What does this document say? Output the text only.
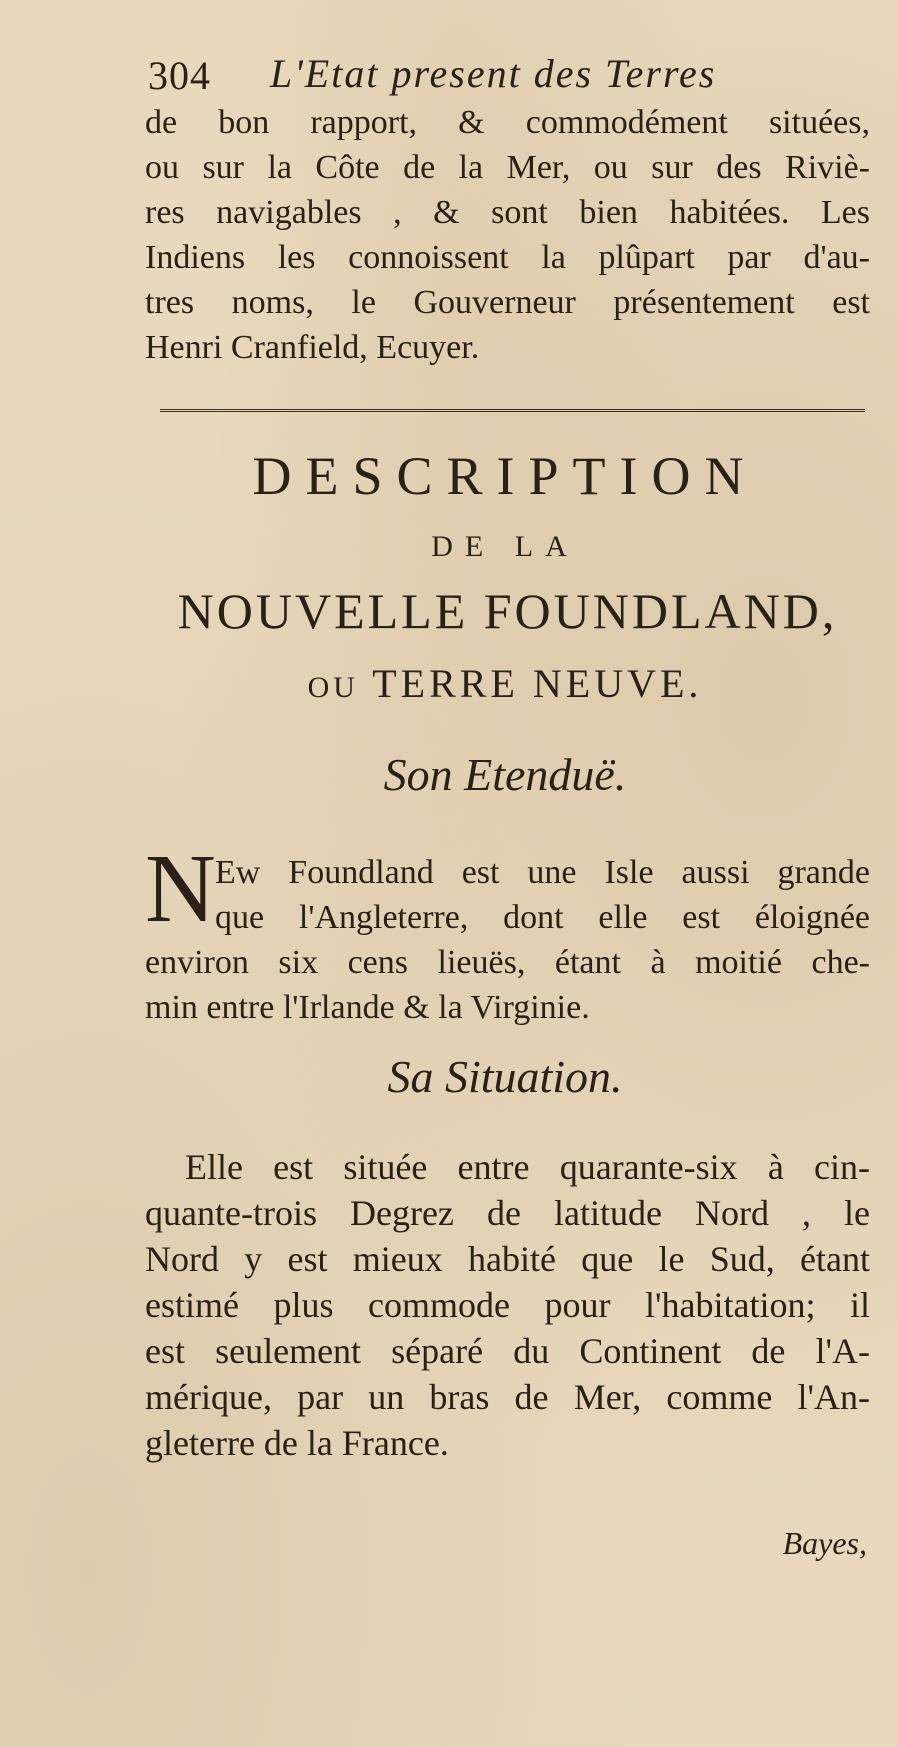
304 L'Etat present des Terres
de bon rapport, & commodément situées,
ou sur la Côte de la Mer, ou sur des Riviè-
res navigables , & sont bien habitées. Les
Indiens les connoissent la plûpart par d'au-
tres noms, le Gouverneur présentement est
Henri Cranfield, Ecuyer.
DESCRIPTION
DE LA
NOUVELLE FOUNDLAND,
OU TERRE NEUVE.
Son Etenduë.
N Ew Foundland est une Isle aussi grande
que l'Angleterre, dont elle est éloignée
environ six cens lieuës, étant à moitié che-
min entre l'Irlande & la Virginie.
Sa Situation.
Elle est située entre quarante-six à cin-
quante-trois Degrez de latitude Nord , le
Nord y est mieux habité que le Sud, étant
estimé plus commode pour l'habitation; il
est seulement séparé du Continent de l'A-
mérique, par un bras de Mer, comme l'An-
gleterre de la France.
Bayes,
